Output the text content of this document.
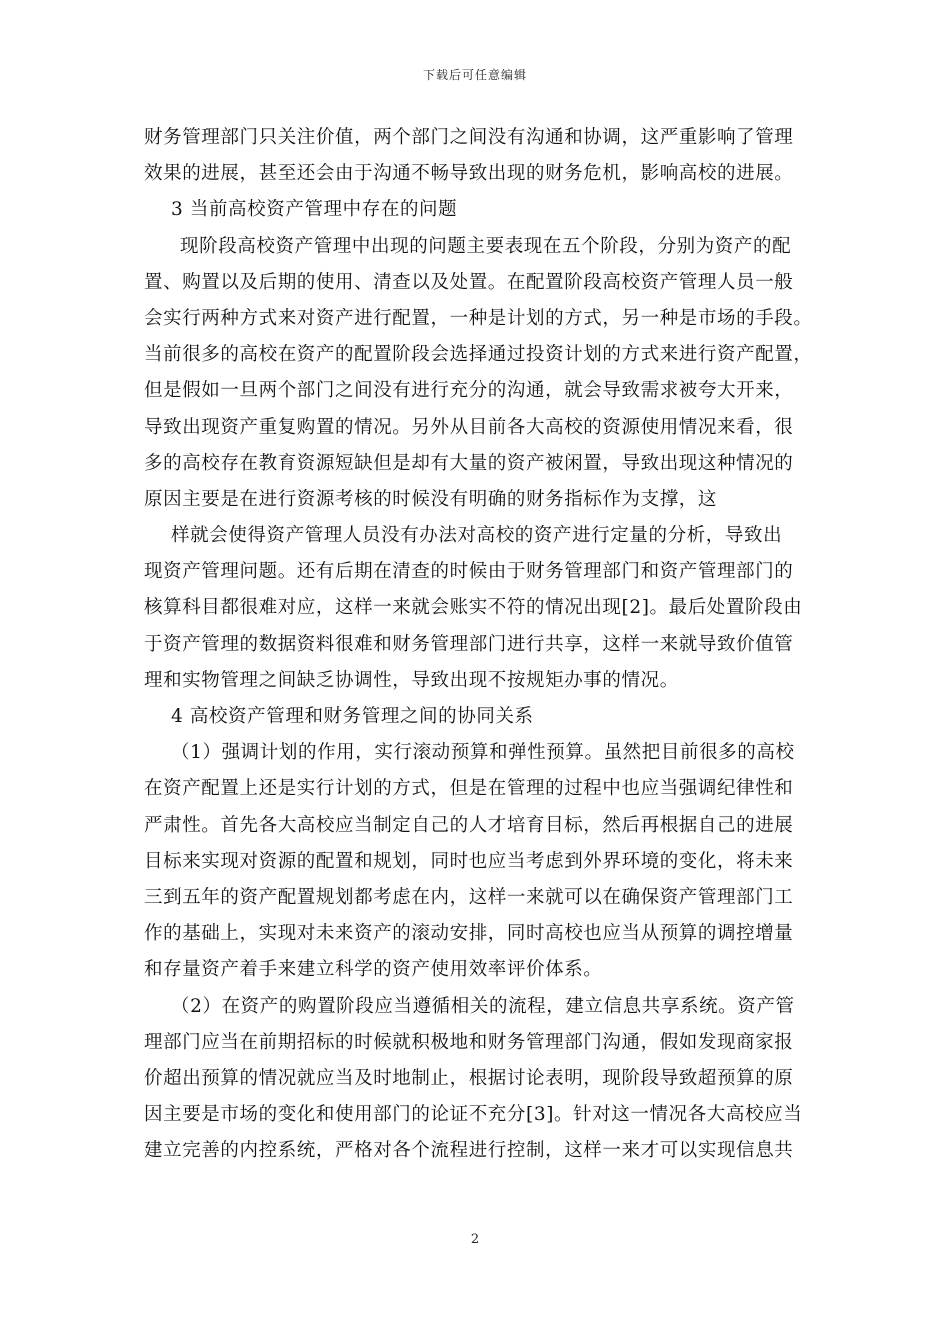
下载后可任意编辑
财务管理部门只关注价值，两个部门之间没有沟通和协调，这严重影响了管理
效果的进展，甚至还会由于沟通不畅导致出现的财务危机，影响高校的进展。
3 当前高校资产管理中存在的问题
现阶段高校资产管理中出现的问题主要表现在五个阶段，分别为资产的配
置、购置以及后期的使用、清查以及处置。在配置阶段高校资产管理人员一般
会实行两种方式来对资产进行配置，一种是计划的方式，另一种是市场的手段。
当前很多的高校在资产的配置阶段会选择通过投资计划的方式来进行资产配置，
但是假如一旦两个部门之间没有进行充分的沟通，就会导致需求被夸大开来，
导致出现资产重复购置的情况。另外从目前各大高校的资源使用情况来看，很
多的高校存在教育资源短缺但是却有大量的资产被闲置，导致出现这种情况的
原因主要是在进行资源考核的时候没有明确的财务指标作为支撑，这
样就会使得资产管理人员没有办法对高校的资产进行定量的分析，导致出
现资产管理问题。还有后期在清查的时候由于财务管理部门和资产管理部门的
核算科目都很难对应，这样一来就会账实不符的情况出现[2]。最后处置阶段由
于资产管理的数据资料很难和财务管理部门进行共享，这样一来就导致价值管
理和实物管理之间缺乏协调性，导致出现不按规矩办事的情况。
4 高校资产管理和财务管理之间的协同关系
（1）强调计划的作用，实行滚动预算和弹性预算。虽然把目前很多的高校
在资产配置上还是实行计划的方式，但是在管理的过程中也应当强调纪律性和
严肃性。首先各大高校应当制定自己的人才培育目标，然后再根据自己的进展
目标来实现对资源的配置和规划，同时也应当考虑到外界环境的变化，将未来
三到五年的资产配置规划都考虑在内，这样一来就可以在确保资产管理部门工
作的基础上，实现对未来资产的滚动安排，同时高校也应当从预算的调控增量
和存量资产着手来建立科学的资产使用效率评价体系。
（2）在资产的购置阶段应当遵循相关的流程，建立信息共享系统。资产管
理部门应当在前期招标的时候就积极地和财务管理部门沟通，假如发现商家报
价超出预算的情况就应当及时地制止，根据讨论表明，现阶段导致超预算的原
因主要是市场的变化和使用部门的论证不充分[3]。针对这一情况各大高校应当
建立完善的内控系统，严格对各个流程进行控制，这样一来才可以实现信息共
2
